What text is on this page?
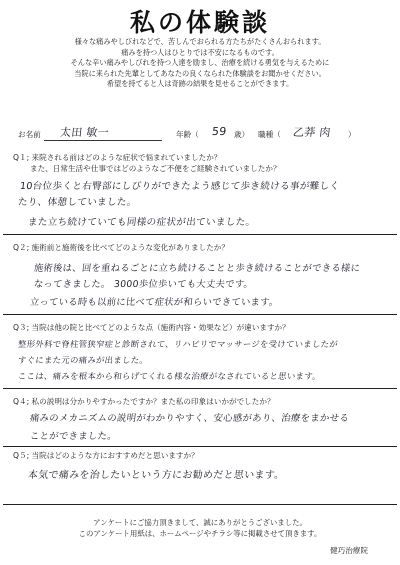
私の体験談
様々な痛みやしびれなどで、苦しんでおられる方たちがたくさんおられます。
痛みを持つ人はひとりでは不安になるものです。
そんな辛い痛みやしびれを持つ人達を励まし、治療を続ける勇気を与えるために
当院に来られた先輩としてあなたの良くなられた体験談をお聞かせください。
希望を持てると人は奇跡の結果を見せることができます。
お名前 太田 敏一	年齢（ 59 歳） 職種（ 乙莽 肉 ）
Q１; 来院される前はどのような症状で悩まれていましたか？
また、日常生活や仕事ではどのようなご不便をご経験されていましたか？
10台位歩くと右臀部にしびりができたよう感じて歩き続ける事が難しく
たり、体憩していました。
また立ち続けていても同様の症状が出ていました。
Q２; 施術前と施術後を比べてどのような変化がありましたか？
施術後は、回を重ねるごとに立ち続けることと歩き続けることができる様に
なってきました。 3000歩位歩いても大丈夫です。
立っている時も以前に比べて症状が和らいできています。
Q３; 当院は他の院と比べてどのような点（施術内容・効果など）が違いますか？
整形外科で脊柱管狭窄症と診断されて、リハビリでマッサージを受けていましたが
すぐにまた元の痛みが出ました。
ここは、痛みを根本から和らげてくれる様な治療がなされていると思います。
Q４; 私の説明は分かりやすかったですか？また私の印象はいかがでしたか？
痛みのメカニズムの説明がわかりやすく、安心感があり、治療をまかせる
ことができました。
Q５; 当院はどのような方におすすめだと思いますか？
本気で痛みを治したいという方にお勧めだと思います。
アンケートにご協力頂きまして、誠にありがとうございました。
このアンケート用紙は、ホームページやチラシ等に掲載させて頂きます。
健巧治療院
